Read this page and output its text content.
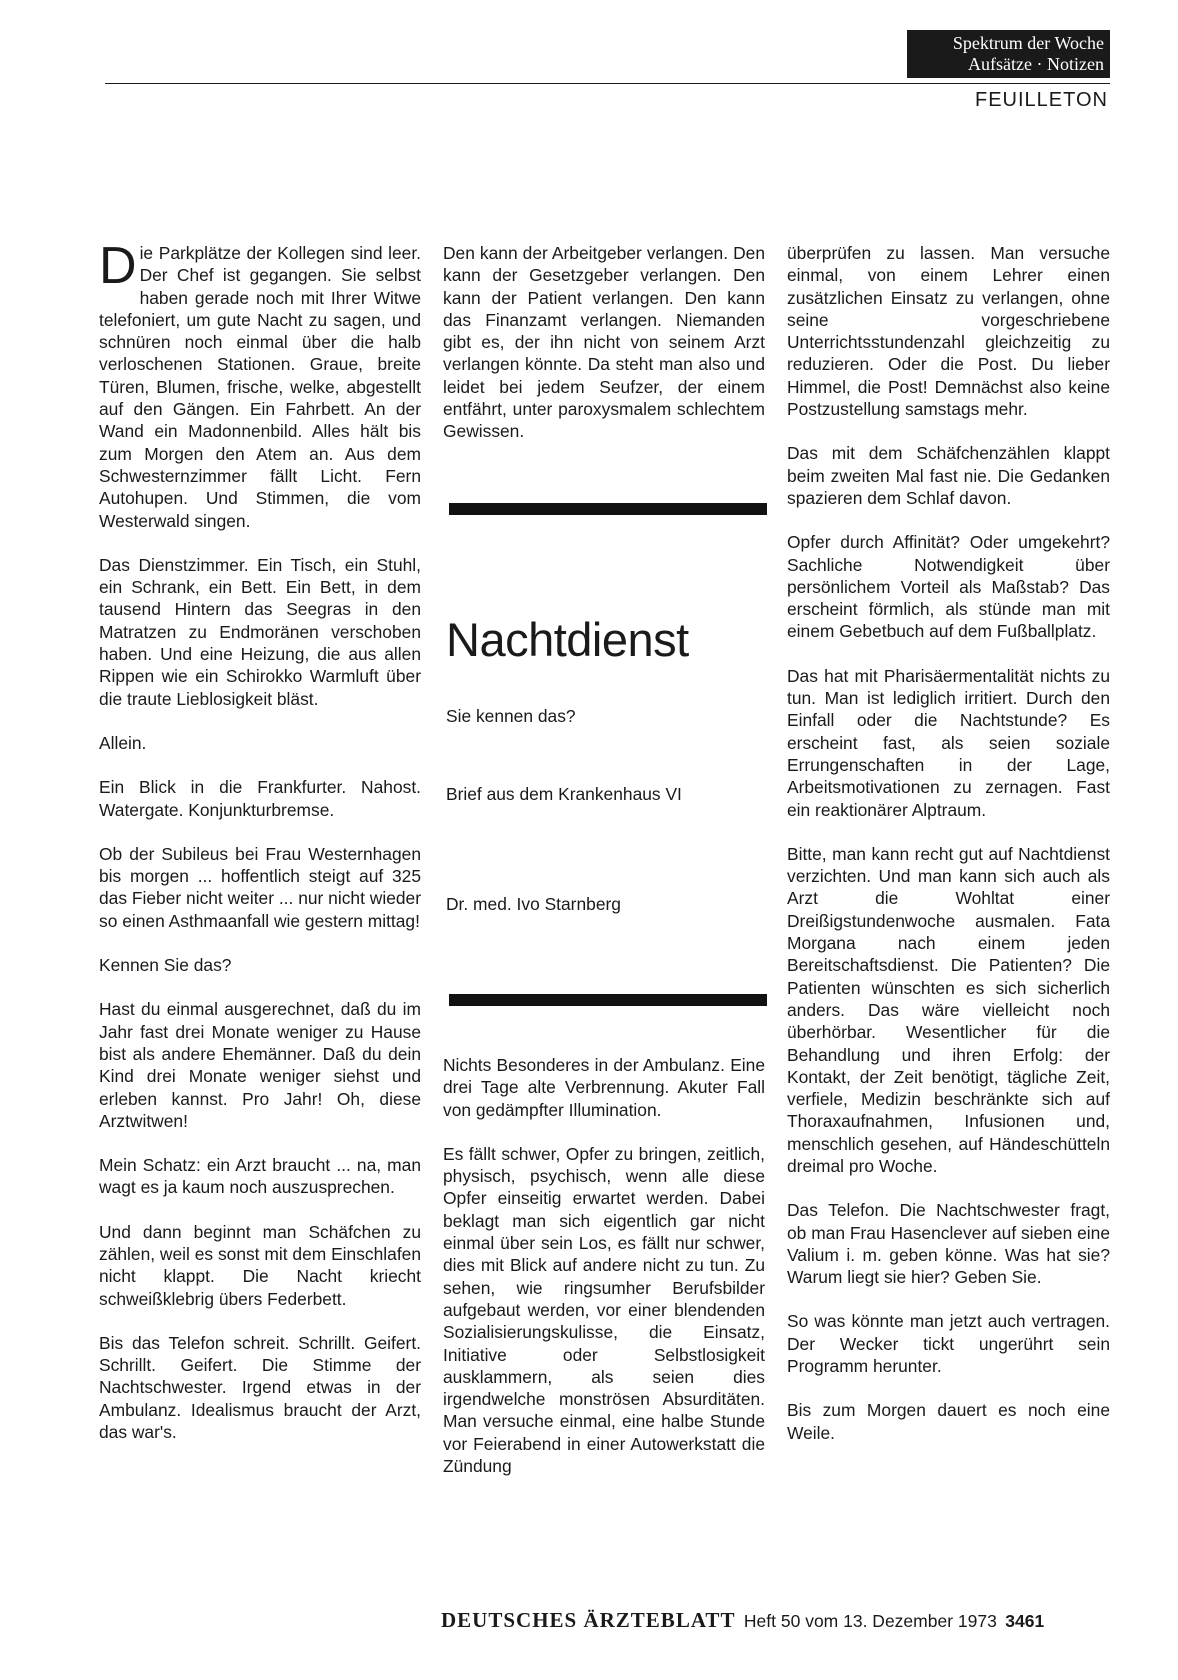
Spektrum der Woche
Aufsätze · Notizen
FEUILLETON

Die Parkplätze der Kollegen sind leer. Der Chef ist gegangen. Sie selbst haben gerade noch mit Ihrer Witwe telefoniert, um gute Nacht zu sagen, und schnüren noch einmal über die halb verloschenen Stationen. Graue, breite Türen, Blumen, frische, welke, abgestellt auf den Gängen. Ein Fahrbett. An der Wand ein Madonnenbild. Alles hält bis zum Morgen den Atem an. Aus dem Schwesternzimmer fällt Licht. Fern Autohupen. Und Stimmen, die vom Westerwald singen.

Das Dienstzimmer. Ein Tisch, ein Stuhl, ein Schrank, ein Bett. Ein Bett, in dem tausend Hintern das Seegras in den Matratzen zu Endmoränen verschoben haben. Und eine Heizung, die aus allen Rippen wie ein Schirokko Warmluft über die traute Lieblosigkeit bläst.

Allein.

Ein Blick in die Frankfurter. Nahost. Watergate. Konjunkturbremse.

Ob der Subileus bei Frau Westernhagen bis morgen ... hoffentlich steigt auf 325 das Fieber nicht weiter ... nur nicht wieder so einen Asthmaanfall wie gestern mittag!

Kennen Sie das?

Hast du einmal ausgerechnet, daß du im Jahr fast drei Monate weniger zu Hause bist als andere Ehemänner. Daß du dein Kind drei Monate weniger siehst und erleben kannst. Pro Jahr! Oh, diese Arztwitwen!

Mein Schatz: ein Arzt braucht ... na, man wagt es ja kaum noch auszusprechen.

Und dann beginnt man Schäfchen zu zählen, weil es sonst mit dem Einschlafen nicht klappt. Die Nacht kriecht schweißklebrig übers Federbett.

Bis das Telefon schreit. Schrillt. Geifert. Schrillt. Geifert. Die Stimme der Nachtschwester. Irgend etwas in der Ambulanz. Idealismus braucht der Arzt, das war's.

Den kann der Arbeitgeber verlangen. Den kann der Gesetzgeber verlangen. Den kann der Patient verlangen. Den kann das Finanzamt verlangen. Niemanden gibt es, der ihn nicht von seinem Arzt verlangen könnte. Da steht man also und leidet bei jedem Seufzer, der einem entfährt, unter paroxysmalem schlechtem Gewissen.

Nachtdienst
Sie kennen das?
Brief aus dem Krankenhaus VI
Dr. med. Ivo Starnberg

Nichts Besonderes in der Ambulanz. Eine drei Tage alte Verbrennung. Akuter Fall von gedämpfter Illumination.

Es fällt schwer, Opfer zu bringen, zeitlich, physisch, psychisch, wenn alle diese Opfer einseitig erwartet werden. Dabei beklagt man sich eigentlich gar nicht einmal über sein Los, es fällt nur schwer, dies mit Blick auf andere nicht zu tun. Zu sehen, wie ringsumher Berufsbilder aufgebaut werden, vor einer blendenden Sozialisierungskulisse, die Einsatz, Initiative oder Selbstlosigkeit ausklammern, als seien dies irgendwelche monströsen Absurditäten. Man versuche einmal, eine halbe Stunde vor Feierabend in einer Autowerkstatt die Zündung

überprüfen zu lassen. Man versuche einmal, von einem Lehrer einen zusätzlichen Einsatz zu verlangen, ohne seine vorgeschriebene Unterrichtsstundenzahl gleichzeitig zu reduzieren. Oder die Post. Du lieber Himmel, die Post! Demnächst also keine Postzustellung samstags mehr.

Das mit dem Schäfchenzählen klappt beim zweiten Mal fast nie. Die Gedanken spazieren dem Schlaf davon.

Opfer durch Affinität? Oder umgekehrt? Sachliche Notwendigkeit über persönlichem Vorteil als Maßstab? Das erscheint förmlich, als stünde man mit einem Gebetbuch auf dem Fußballplatz.

Das hat mit Pharisäermentalität nichts zu tun. Man ist lediglich irritiert. Durch den Einfall oder die Nachtstunde? Es erscheint fast, als seien soziale Errungenschaften in der Lage, Arbeitsmotivationen zu zernagen. Fast ein reaktionärer Alptraum.

Bitte, man kann recht gut auf Nachtdienst verzichten. Und man kann sich auch als Arzt die Wohltat einer Dreißigstundenwoche ausmalen. Fata Morgana nach einem jeden Bereitschaftsdienst. Die Patienten? Die Patienten wünschten es sich sicherlich anders. Das wäre vielleicht noch überhörbar. Wesentlicher für die Behandlung und ihren Erfolg: der Kontakt, der Zeit benötigt, tägliche Zeit, verfiele, Medizin beschränkte sich auf Thoraxaufnahmen, Infusionen und, menschlich gesehen, auf Händeschütteln dreimal pro Woche.

Das Telefon. Die Nachtschwester fragt, ob man Frau Hasenclever auf sieben eine Valium i. m. geben könne. Was hat sie? Warum liegt sie hier? Geben Sie.

So was könnte man jetzt auch vertragen. Der Wecker tickt ungerührt sein Programm herunter.

Bis zum Morgen dauert es noch eine Weile.

DEUTSCHES ÄRZTEBLATT Heft 50 vom 13. Dezember 1973 3461
